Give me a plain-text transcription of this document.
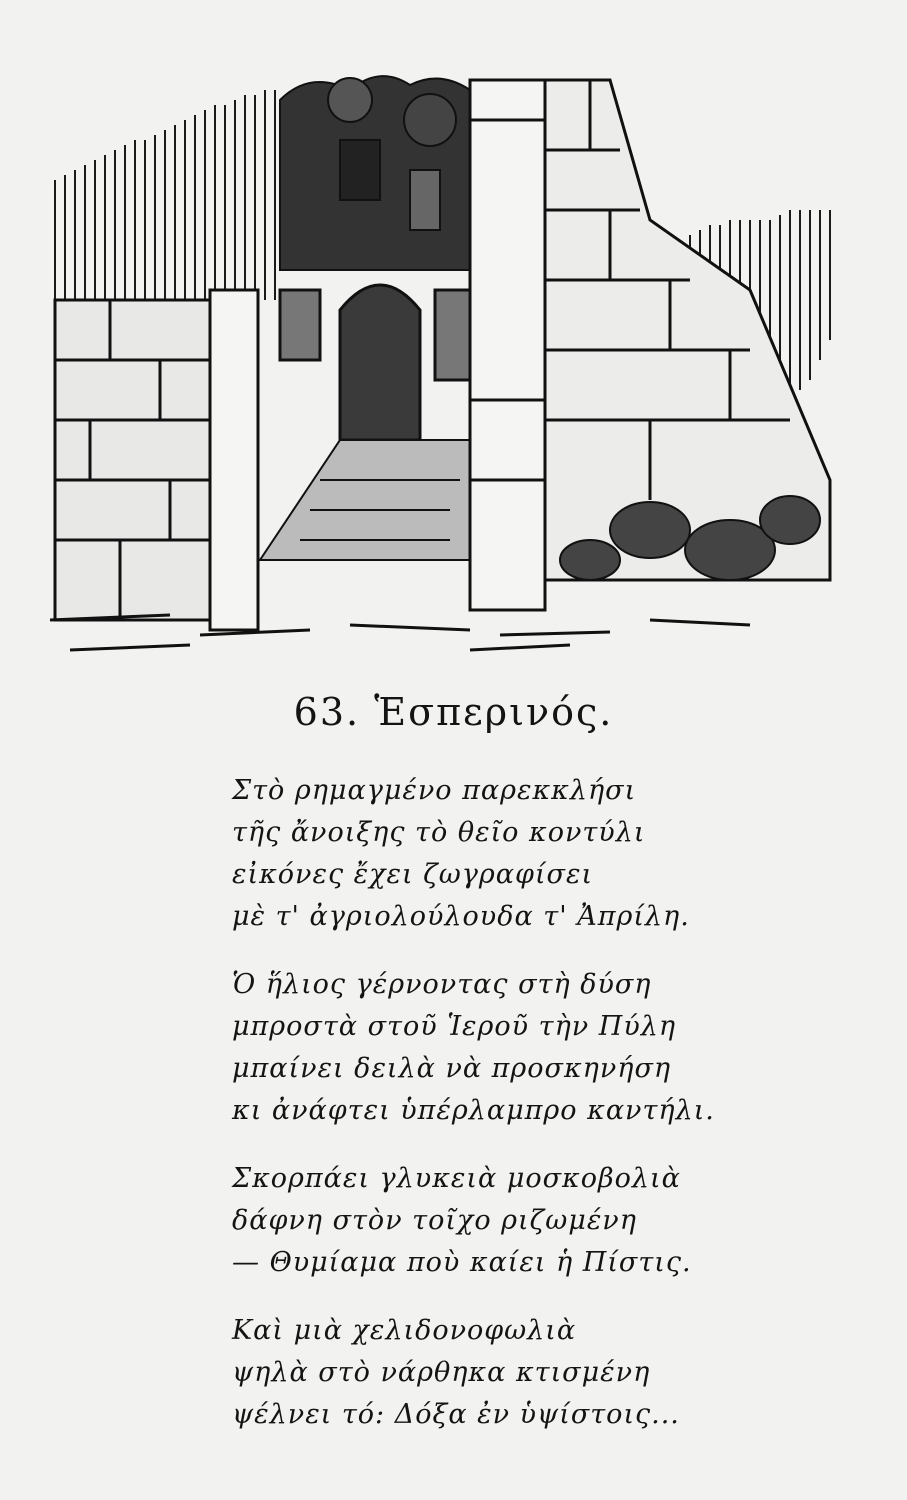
63. Ἑσπερινός.
Στὸ ρημαγμένο παρεκκλήσι
τῆς ἄνοιξης τὸ θεῖο κοντύλι
εἰκόνες ἔχει ζωγραφίσει
μὲ τ' ἀγριολούλουδα τ' Ἀπρίλη.
Ὁ ἥλιος γέρνοντας στὴ δύση
μπροστὰ στοῦ Ἱεροῦ τὴν Πύλη
μπαίνει δειλὰ νὰ προσκηνήση
κι ἀνάφτει ὑπέρλαμπρο καντήλι.
Σκορπάει γλυκειὰ μοσκοβολιὰ
δάφνη στὸν τοῖχο ριζωμένη
— Θυμίαμα ποὺ καίει ἡ Πίστις.
Καὶ μιὰ χελιδονοφωλιὰ
ψηλὰ στὸ νάρθηκα κτισμένη
ψέλνει τό: Δόξα ἐν ὑψίστοις...
